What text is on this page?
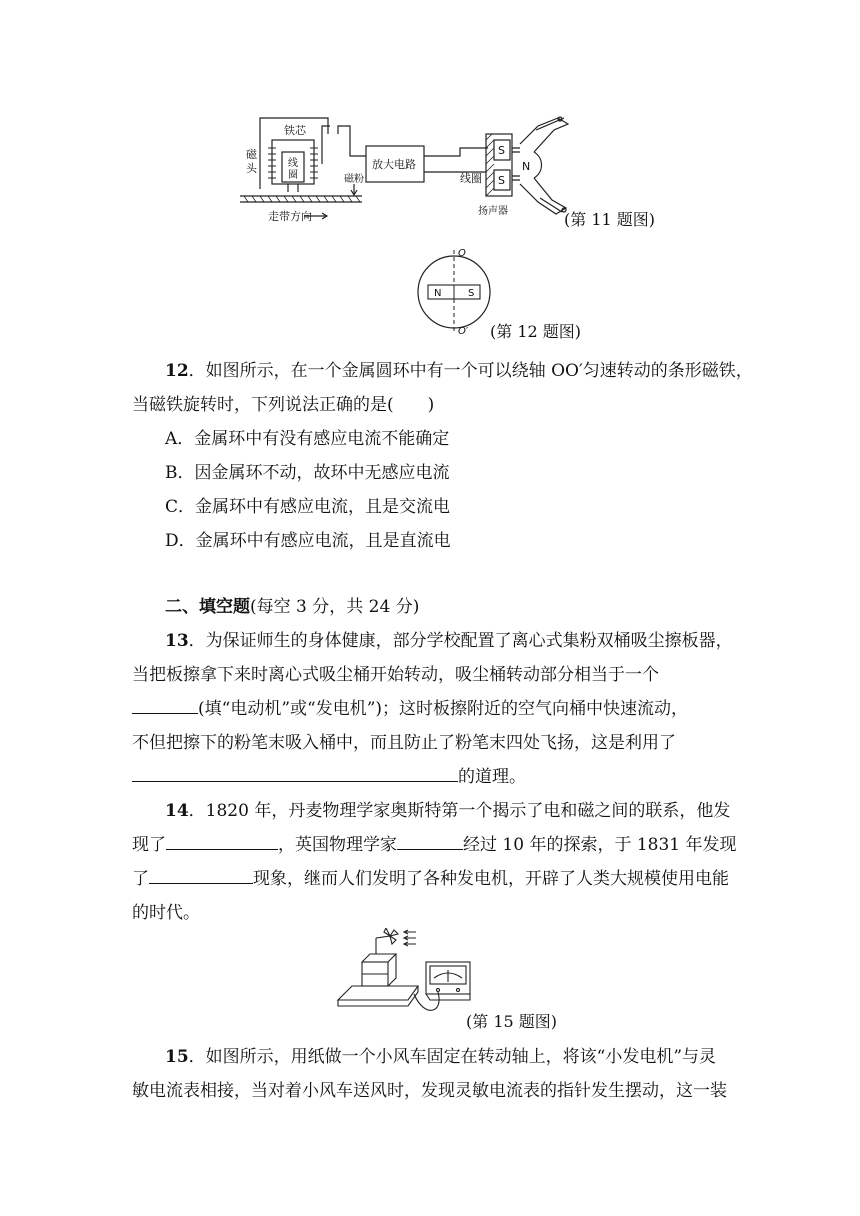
铁芯
磁
头	线
圈	磁粉
走带方向
放大电路
线圈
扬声器
S
N
S
(第 11 题图)
N	S
O
O′ (第 12 题图)
12．如图所示，在一个金属圆环中有一个可以绕轴 OO′匀速转动的条形磁铁，
当磁铁旋转时，下列说法正确的是(　　)
A．金属环中有没有感应电流不能确定
B．因金属环不动，故环中无感应电流
C．金属环中有感应电流，且是交流电
D．金属环中有感应电流，且是直流电
二、填空题(每空 3 分，共 24 分)
13．为保证师生的身体健康，部分学校配置了离心式集粉双桶吸尘擦板器，
当把板擦拿下来时离心式吸尘桶开始转动，吸尘桶转动部分相当于一个
(填“电动机”或“发电机”)；这时板擦附近的空气向桶中快速流动，
不但把擦下的粉笔末吸入桶中，而且防止了粉笔末四处飞扬，这是利用了
的道理。
14．1820 年，丹麦物理学家奥斯特第一个揭示了电和磁之间的联系，他发
现了	，英国物理学家	经过 10 年的探索，于 1831 年发现
了	现象，继而人们发明了各种发电机，开辟了人类大规模使用电能
的时代。
(第 15 题图)
15．如图所示，用纸做一个小风车固定在转动轴上，将该“小发电机”与灵
敏电流表相接，当对着小风车送风时，发现灵敏电流表的指针发生摆动，这一装
